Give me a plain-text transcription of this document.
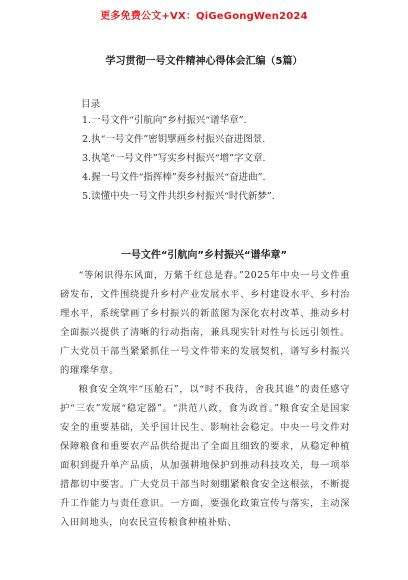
更多免费公文+VX：QiGeGongWen2024
学习贯彻一号文件精神心得体会汇编（5篇）
目录
1.一号文件“引航向”乡村振兴“谱华章”.
2.执“一号文件”密钥擘画乡村振兴奋进图景.
3.执笔“一号文件”写实乡村振兴“增”字文章.
4.握一号文件“指挥棒”奏乡村振兴“奋进曲”.
5.读懂中央一号文件共织乡村振兴“时代新梦”.
一号文件“引航向”乡村振兴“谱华章”

“等闲识得东风面，万紫千红总是春。”2025年中央一号文件重磅发布，文件围绕提升乡村产业发展水平、乡村建设水平、乡村治理水平，系统擘画了乡村振兴的新蓝图为深化农村改革、推动乡村全面振兴提供了清晰的行动指南，兼具现实针对性与长远引领性。广大党员干部当紧紧抓住一号文件带来的发展契机，谱写乡村振兴的璀璨华章。

粮食安全筑牢“压舱石”，以“时不我待，舍我其谁”的责任感守护“三农”发展“稳定器”。“洪范八政，食为政首。”粮食安全是国家安全的重要基础，关乎国计民生、影响社会稳定。中央一号文件对保障粮食和重要农产品供给提出了全面且细致的要求，从稳定种植面积到提升单产品质，从加强耕地保护到推动科技攻关，每一项举措都切中要害。广大党员干部当时刻绷紧粮食安全这根弦，不断提升工作能力与责任意识。一方面，要强化政策宣传与落实，主动深入田间地头，向农民宣传粮食种植补贴、
